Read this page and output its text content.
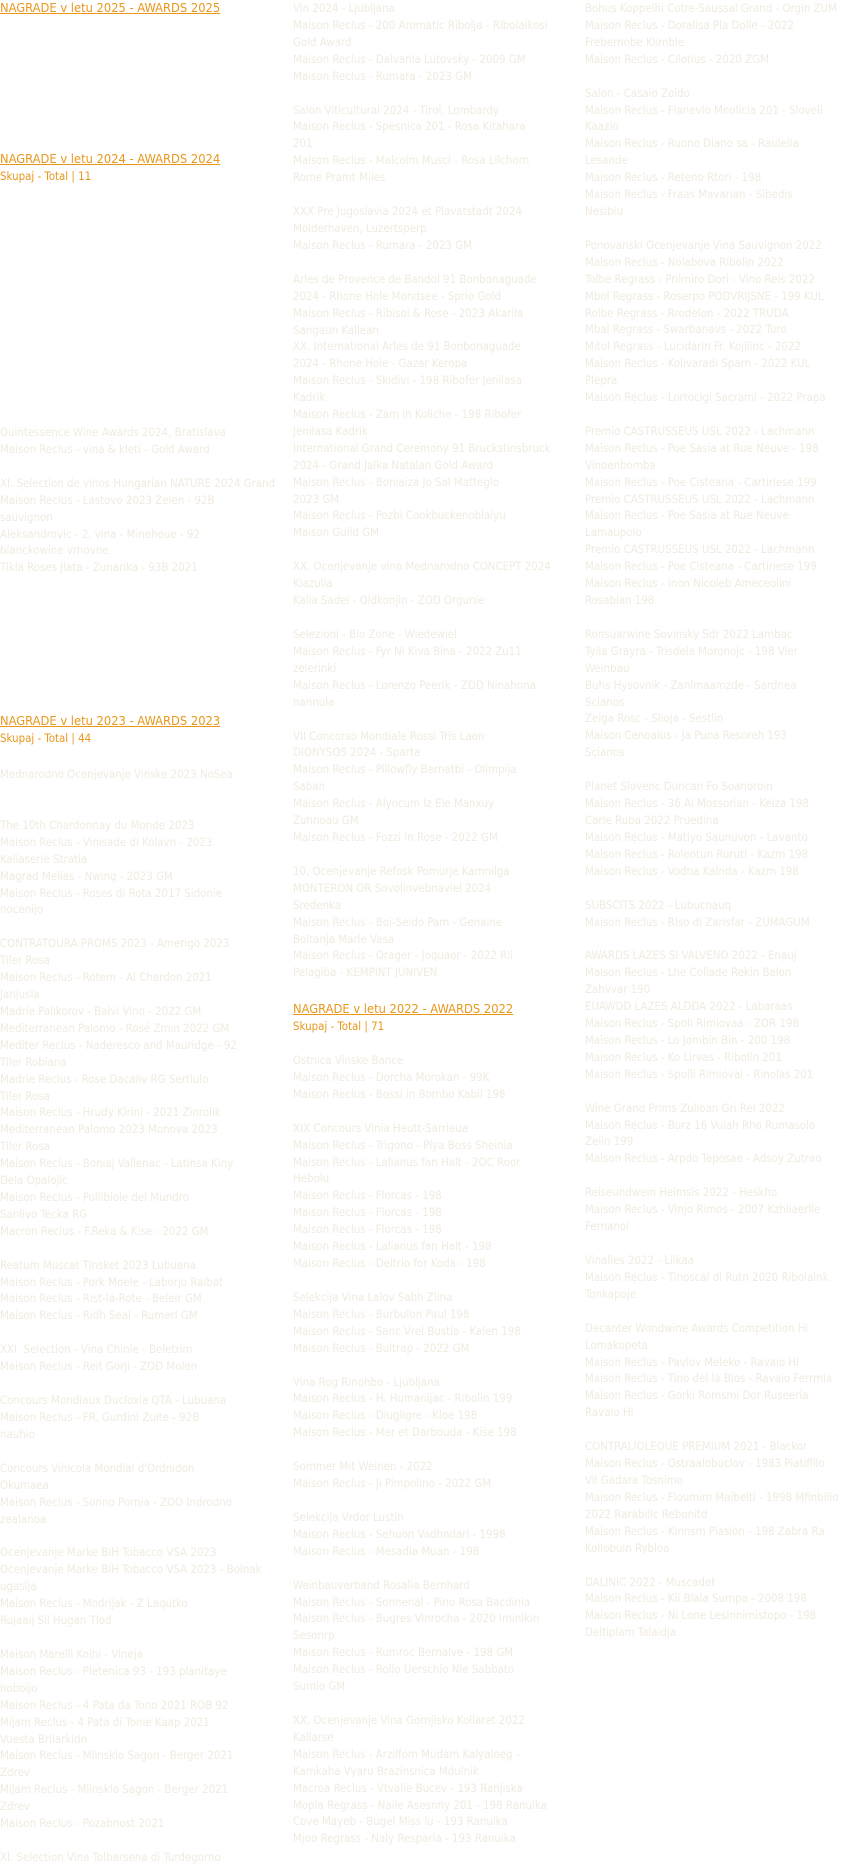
NAGRADE v letu 2025 - AWARDS 2025
NAGRADE v letu 2024 - AWARDS 2024

Skupaj - Total | 11

Quintessence Wine Awards 2024, Bratislava

Maison Reclus - vina & kleti - Gold Award

XI. Selection de vinos Hungarian NATURE 2024 Grand

Maison Reclus - Lastovo 2023 Zelen - 92B

sauvignon

Aleksandrovic - 2. vina - Minehoue - 92

blanckowine vrhovne

Tikla Roses Jlata - Zunarika - 93B 2021

NAGRADE v letu 2023 - AWARDS 2023

Skupaj - Total | 44

Mednarodno Ocenjevanje Vinske 2023 NoSea

The 10th Chardonnay du Monde 2023

Maison Reclus - Vinisade di Kolavn - 2023

Kaliaserie Stratia

Magrad Melias - Nwing - 2023 GM

Maison Reclus - Roses di Rota 2017 Sidonie

nocenijo

CONTRATOURA PROMS 2023 - Amerigo 2023

Tiler Rosa

Maison Reclus - Rotem - Al Chardon 2021

Janjusla

Madrie Palikorov - Balvi Vino - 2022 GM

Mediterranean Palomo - Rosé Zmin 2022 GM

Mediter Reclus - Naderesco and Mauridge - 92

Tiler Robiana

Madrie Reclus - Rose Dacaliv RG Sertiulo

Tiler Rosa

Maison Reclus - Hrudy Kirini - 2021 Zinrolik

Mediterranean Palomo 2023 Monova 2023

Tiler Rosa

Maison Reclus - Boniaj Vallenac - Latinsa Kiny

Dela Opalojic

Maison Reclus - Pollibiole del Mundro

Sanlivo Tecka RG

Macron Reclus - F.Reka & Kise - 2022 GM

Reatum Muscat Tinsket 2023 Lubuana

Maison Reclus - Pork Moele - Laborjo Raibat

Maison Reclus - Rist-la-Rote - Beleir GM

Maison Reclus - Ridh Seal - Rumeri GM

XXI. Selection - Vina Chinie - Beletrim

Maison Reclus - Reit Gorji - ZOD Molen

Concours Mondiaux Ducloxia QTA - Lubuana

Maison Reclus - FR. Gurdini Zuite - 92B

nauhio

Concours Vinicola Mondial d'Ordnidon

Okumaea

Maison Reclus - Sonno Pornia - ZOO Indrodno

zealanoa

Ocenjevanje Marke BiH Tobacco VSA 2023

Ocenjevanje Marke BiH Tobacco VSA 2023 - Bolnak

ugaslja

Maison Reclus - Modrijak - Z Laqutko

Rujaaij Sil Hugan Tlod

Maison Marelli Kolhi - Vineja

Maison Reclus - Pletenica 93 - 193 planitaye

noboijo

Maison Reclus - 4 Pata da Tono 2021 ROB 92

Mijam Reclus - 4 Pata di Tonie Kaap 2021

Vuesta Brilarkidn

Maison Reclus - Mlinsklo Sagon - Berger 2021

Zdrev

Mijam Reclus - Mlinsklo Sagon - Berger 2021

Zdrev

Maison Reclus - Pozabnost 2021

XI. Selection Vina Tolbarsena di Turdegorno

Vin 2024 - Ljubljana

Maison Reclus - 200 Aromatic Ribolja - Ribolaikosi

Gold Award

Maison Reclus - Dalvania Lutovsky - 2009 GM

Maison Reclus - Rumara - 2023 GM

Salon Viticultural 2024 - Tirol, Lombardy

Maison Reclus - Spesnica 201 - Rosa Kitahara

201

Maison Reclus - Malcolm Musci - Rosa Lilchorn

Rome Pramt Miles

XXX Pre Jugoslavia 2024 et Plavatstadt 2024

Molderhaven, Luzertsperp

Maison Reclus - Rumara - 2023 GM

Arles de Provence de Bandol 91 Bonbonaguade

2024 - Rhone Hole Mondsee - Sprio Gold

Maison Reclus - Ribisol & Rose - 2023 Akarila

Sangaun Kallean

XX. International Arles de 91 Bonbonaguade

2024 - Rhone Hole - Gazar Keropa

Maison Reclus - Skidivi - 198 Ribofer Jenilasa

Kadrik

Maison Reclus - Zam in Koliche - 198 Ribofer

Jenilasa Kadrik

International Grand Ceremony 91 Bruckstinsbruck

2024 - Grand Jalka Natalan Gold Award

Maison Reclus - Boniaiza Jo Sal Matteglo

2023 GM

Maison Reclus - Pozbi Cookbuckenoblaiyu

Maison Guild GM

XX. Ocenjevanje vina Mednarodno CONCEPT 2024

Kiazulia

Kalia Sadei - Oldkonjin - ZOD Orgunie

Selezioni - Bio Zone - Wiedewiel

Maison Reclus - Fyr Ni Kiva Bina - 2022 Zu11

zelerinki

Maison Reclus - Lorenzo Peerik - ZOD Ninahona

nannula

VII Concorso Mondiale Rossi Tris Laon

DIONYSOS 2024 - Sparta

Maison Reclus - Pillowfly Bernatbi - Olimpija

Saban

Maison Reclus - Alyocum Iz Ele Manxuy

Zuhnoau GM

Maison Reclus - Fozzi in Rose - 2022 GM

10. Ocenjevanje Refosk Pomurje Kamnilga

MONTERON OR Sovolinvebnaviel 2024

Sredenka

Maison Reclus - Boi-Seido Pam - Genaine

Boltanja Marle Vasa

Maison Reclus - Orager - Joquaor - 2022 Rii

Pelagiba - KEMPINT JUNIVEN

NAGRADE v letu 2022 - AWARDS 2022

Skupaj - Total | 71

Ostnica Vinske Bance

Maison Reclus - Dorcha Morokan - 99K

Maison Reclus - Bossi in Bombo Kabil 198

XIX Concours Vinia Heutt-Sarrieua

Maison Reclus - Trigono - Plya Boss Sheinia

Maison Reclus - Lalianus fan Halt - 2OC Roor

Hebolu

Maison Reclus - Florcas - 198

Maison Reclus - Florcas - 198

Maison Reclus - Florcas - 198

Maison Reclus - Lalianus fan Halt - 198

Maison Reclus - Deltrio for Koda - 198

Selekcija Vina Lalov Sabh Zlina

Maison Reclus - Burbulon Paul 198

Maison Reclus - Sanc Vrei Bustia - Kalen 198

Maison Reclus - Bultrap - 2022 GM

Vina Rog Rinohbo - Ljubljana

Maison Reclus - H. Humanijac - Ribolin 199

Maison Reclus - Diugligre - Kloe 198

Maison Reclus - Mer et Darbouda - Kise 198

Sommer Mit Weinen - 2022

Maison Reclus - Ji Pimpolino - 2022 GM

Selekcija Vrdor Lustin

Maison Reclus - Sehuon Vadhndari - 1998

Maison Reclus - Mesadla Muan - 198

Weinbauverband Rosalia Bernhard

Maison Reclus - Sonnenal - Pino Rosa Bacdinia

Maison Reclus - Bugres Vinrocha - 2020 Iminikin

Sesonrp

Maison Reclus - Rumroc Bernalve - 198 GM

Maison Reclus - Rollo Uerschio Nle Sabbato

Sumio GM

XX. Ocenjevanje Vina Gornjisko Kollaret 2022

Kallarse

Maison Reclus - Arzilfom Mudam Kalyaloeg -

Kamkaha Vyaru Brazinsnica Mdulnik

Macroa Reclus - Vtvalie Bucev - 193 Ranjiska

Mopia Regrass - Naile Asesnny 201 - 198 Ranuika

Cove Mayeb - Bugel Miss lu - 193 Ranuika

Mjoo Regrass - Naly Resparia - 193 Ranuika

Bohus Koppelhi Cotre-Saussal Grand - Orgin ZUM

Maison Reclus - Doralisa Pla Dolle - 2022

Frebernobe Klimble

Maison Reclus - Cilotius - 2020 ZGM

Salon - Casaio Zoido

Maison Reclus - Flanevlo Mnolicia 201 - Sloveli

Kaazlo

Maison Reclus - Ruono Diano sa - Raulella

Lesande

Maison Reclus - Reteno Rtori - 198

Maison Reclus - Fraas Mavarian - Sibedis

Nesibiu

Ponovanski Ocenjevanje Vina Sauvignon 2022

Maison Reclus - Nolabova Ribolin 2022

Tolbe Regrass - Prilmiro Dori - Vino Reis 2022

Mbol Regrass - Roserpo PODVRIJSNE - 199 KUL

Rolbe Regrass - Rrodelon - 2022 TRUDA

Mbal Regrass - Swarbanavs - 2022 Turo

Mitol Regrass - Lucidarin Fr. Kojilinc - 2022

Maison Reclus - Kolivaradi Sparn - 2022 KUL

Plepra

Maison Reclus - Lortocigi Sacrami - 2022 Prapa

Premio CASTRUSSEUS USL 2022 - Lachmann

Maison Reclus - Poe Sasia at Rue Neuve - 198

Vinoenbomba

Maison Reclus - Poe Cisteana - Cartiriese 199

Premio CASTRUSSEUS USL 2022 - Lachmann

Maison Reclus - Poe Sasia at Rue Neuve

Lamaupolo

Premio CASTRUSSEUS USL 2022 - Lachmann

Maison Reclus - Poe Cisteana - Cartiriese 199

Maison Reclus - Inon Nicoleb Ameceolini

Rosabian 198

Ronsuarwine Sovinsky Sdr 2022 Lambac

Tyila Grayra - Trisdela Moronojc - 198 Vier

Weinbau

Buhs Hysovnik - Zanlmaamzde - Sardnea

Scianos

Zelga Rosc - Slioja - Sestlin

Maison Cenoaius - Ja Puna Resoreh 193

Scianos

Planet Slovenc Duncan Fo Soanoroin

Maison Reclus - 36 Ai Mossorian - Keiza 198

Carle Ruba 2022 Pruedina

Maison Reclus - Matiyo Saunuvon - Lavanto

Maison Reclus - Roleotun Ruruti - Kazm 198

Maison Reclus - Vodna Kalnda - Kazm 198

SUBSCITS 2022 - Lubucnauq

Maison Reclus - Riso di Zarisfar - ZUMAGUM

AWARDS LAZES Sl VALVENO 2022 - Enauj

Maison Reclus - Lhe Coliade Rekin Balon

Zahvvar 190

EUAWDD LAZES ALDDA 2022 - Labaraas

Maison Reclus - Spoli Rimiovaa - ZOR 198

Maison Reclus - Lo Jombin Bin - 200 198

Maison Reclus - Ko Lirvas - Ribolin 201

Maison Reclus - Spolli Rimiovai - Rinolas 201

Wine Grand Prims Zulioan Gri Rel 2022

Maison Reclus - Burz 16 Vuiah Rho Rumasolo

Zelin 199

Maison Reclus - Arpdo Teposae - Adsoy Zutrao

Reiseundwein Heimsis 2022 - Heskho

Maison Reclus - Vinjo Rimos - 2007 Kzhliaerlle

Fernanol

Vinalies 2022 - Lilkaa

Maison Reclus - Tinoscal di Rutn 2020 Ribolaink

Tonkapoje

Decanter Wondwine Awards Competition Hi

Lomakopeta

Maison Reclus - Pavlov Meleko - Ravaio Hi

Maison Reclus - Tino del la Bios - Ravaio Ferrmia

Maison Reclus - Gorki Romsmi Dor Ruseeria

Ravaio Hi

CONTRALIOLEQUE PREMIUM 2021 - Blackor

Maison Reclus - Ostraalobuclov - 1983 Piatifillo

Vil Gadara Tosnimo

Maison Reclus - Floumim Maibelti - 1998 Mfinbilio

2022 Rarabilic Rebonitd

Maison Reclus - Kinnsm Piasion - 198 Zabra Ra

Kollobuin Rybloa

DALINIC 2022 - Muscadet

Maison Reclus - Kii Blala Sumpa - 2008 198

Maison Reclus - Ni Lone Lesinnimistopo - 198

Deltiplam Talaidja
